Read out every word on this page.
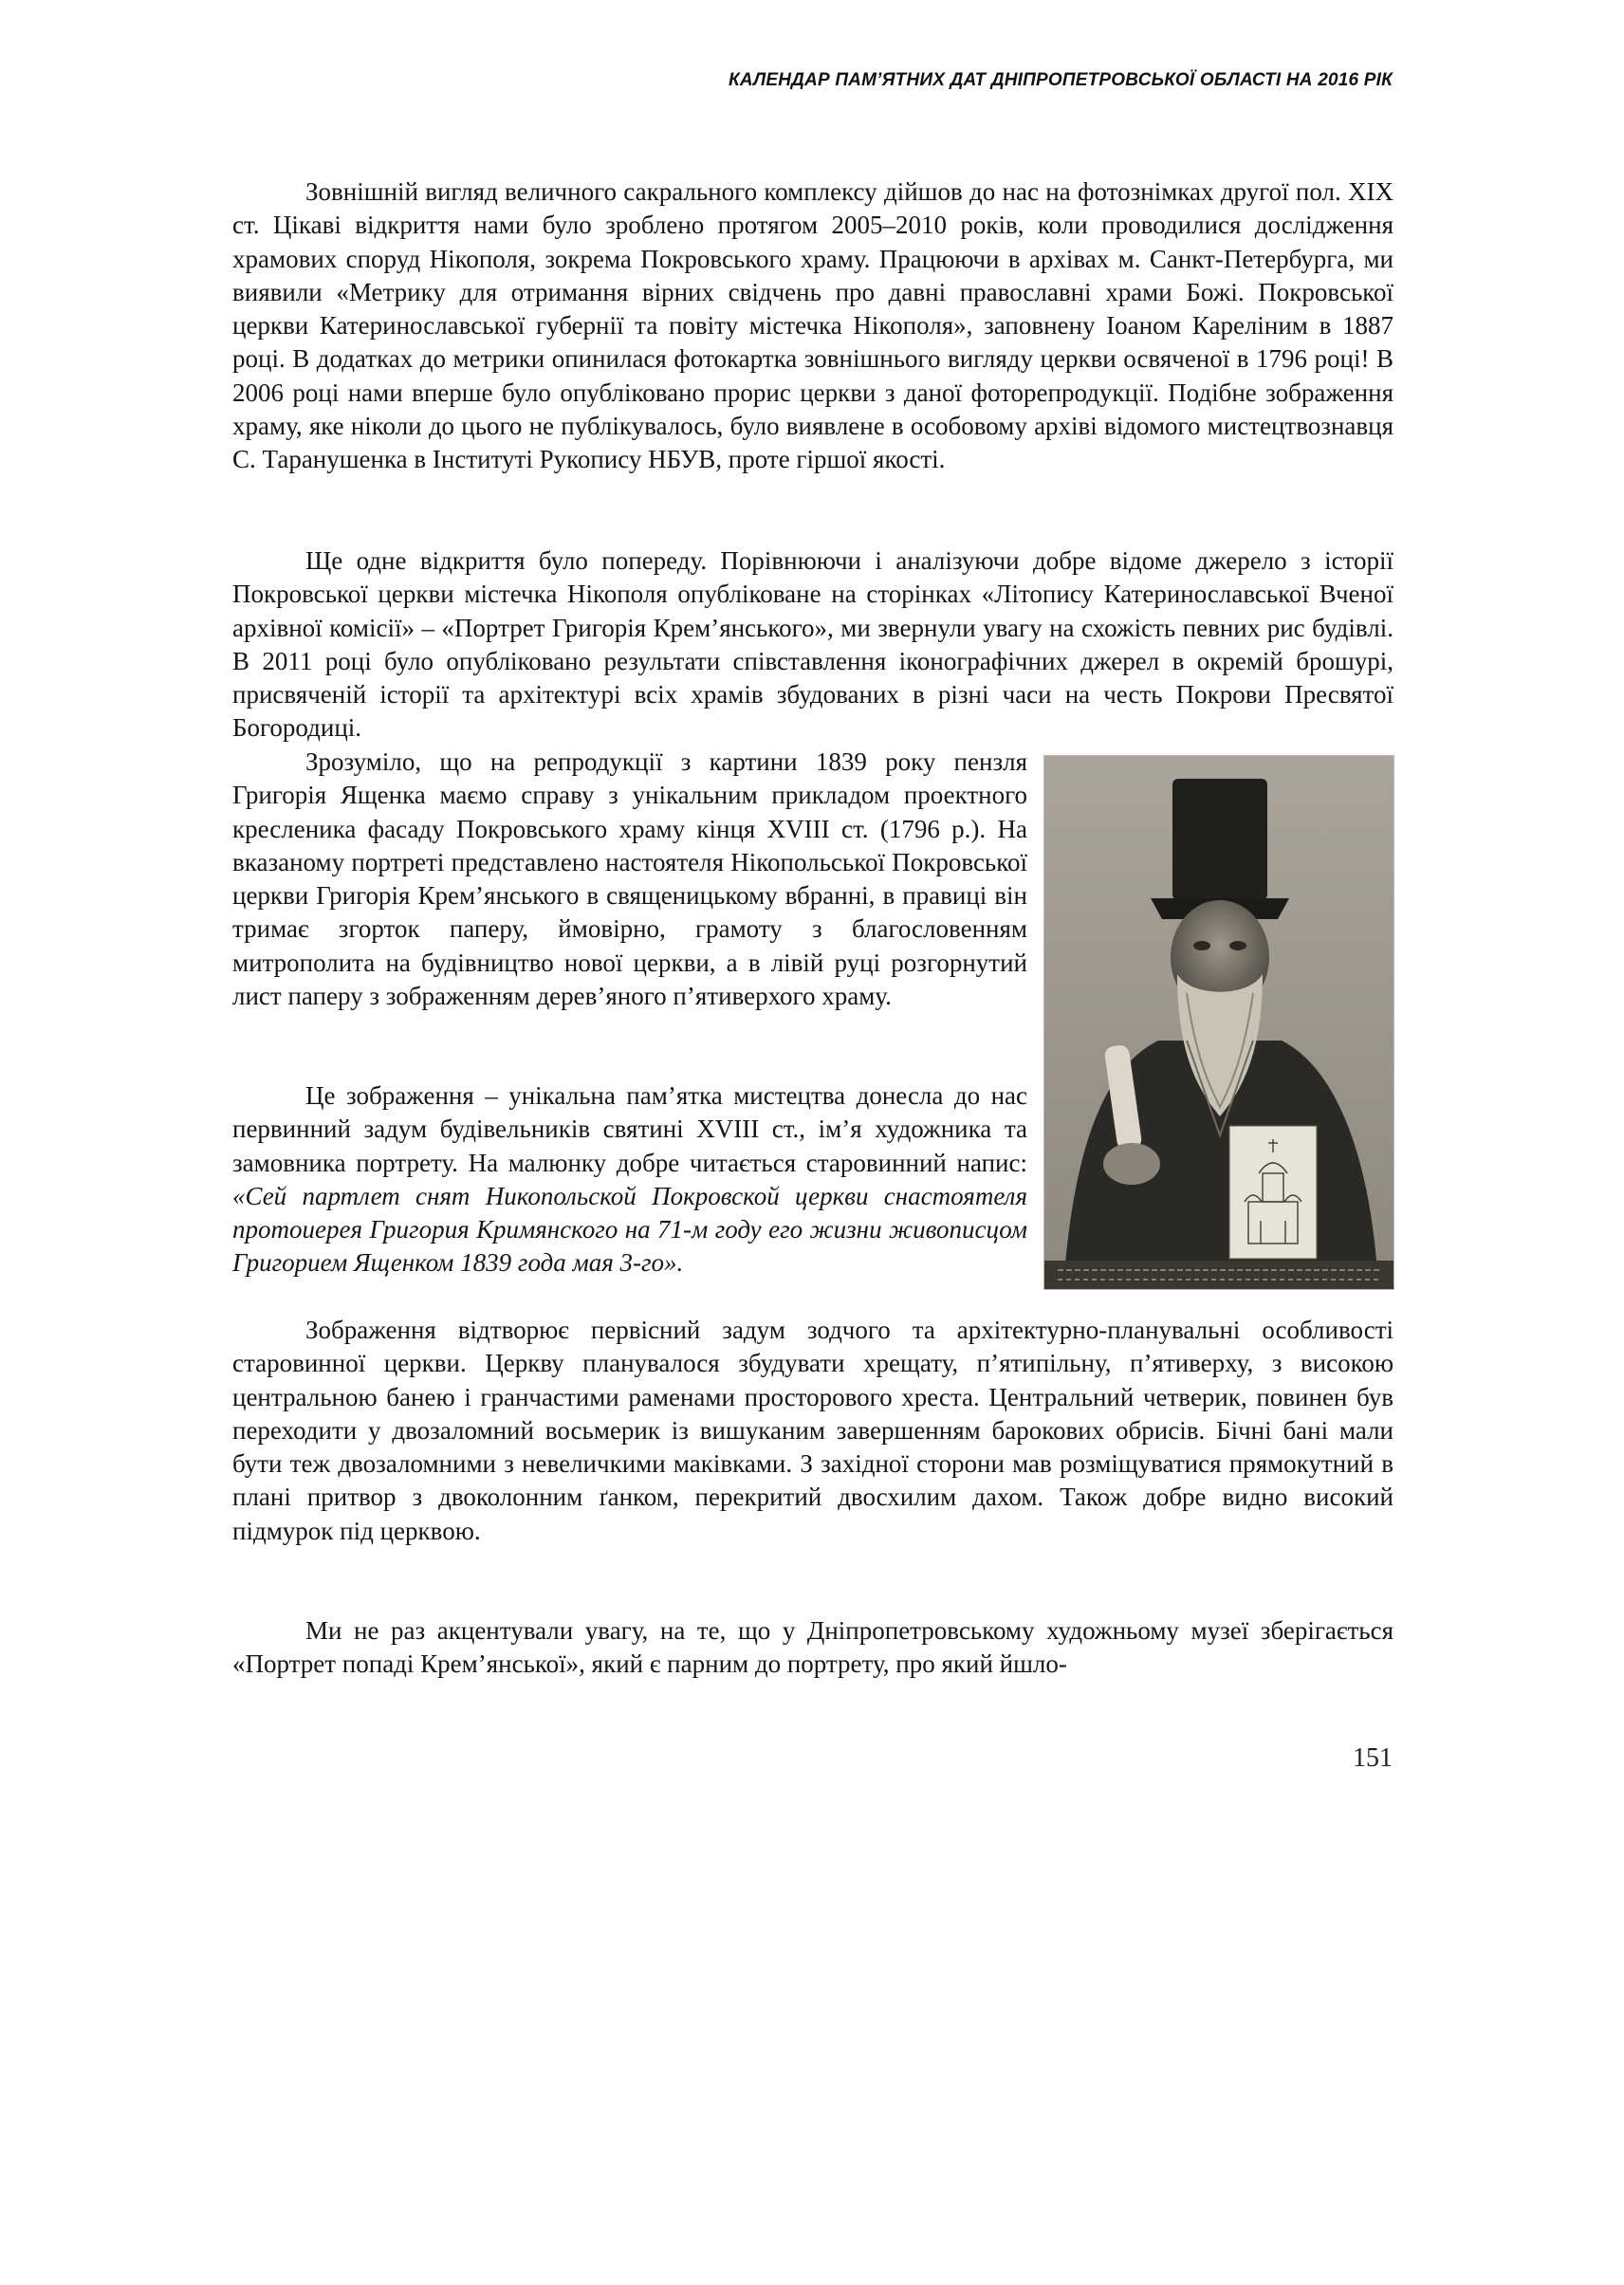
КАЛЕНДАР ПАМ’ЯТНИХ ДАТ ДНІПРОПЕТРОВСЬКОЇ ОБЛАСТІ НА 2016 РІК

Зовнішній вигляд величного сакрального комплексу дійшов до нас на фотознімках другої пол. XIX ст. Цікаві відкриття нами було зроблено протягом 2005–2010 років, коли проводилися дослідження храмових споруд Нікополя, зокрема Покровського храму. Працюючи в архівах м. Санкт-Петербурга, ми виявили «Метрику для отримання вірних свідчень про давні православні храми Божі. Покровської церкви Катеринославської губернії та повіту містечка Нікополя», заповнену Іоаном Кареліним в 1887 році. В додатках до метрики опинилася фотокартка зовнішнього вигляду церкви освяченої в 1796 році! В 2006 році нами вперше було опубліковано прорис церкви з даної фоторепродукції. Подібне зображення храму, яке ніколи до цього не публікувалось, було виявлене в особовому архіві відомого мистецтвознавця С. Таранушенка в Інституті Рукопису НБУВ, проте гіршої якості.

Ще одне відкриття було попереду. Порівнюючи і аналізуючи добре відоме джерело з історії Покровської церкви містечка Нікополя опубліковане на сторінках «Літопису Катеринославської Вченої архівної комісії» – «Портрет Григорія Крем’янського», ми звернули увагу на схожість певних рис будівлі. В 2011 році було опубліковано результати співставлення іконографічних джерел в окремій брошурі, присвяченій історії та архітектурі всіх храмів збудованих в різні часи на честь Покрови Пресвятої Богородиці.

Зрозуміло, що на репродукції з картини 1839 року пензля Григорія Ященка маємо справу з унікальним прикладом проектного кресленика фасаду Покровського храму кінця XVIII ст. (1796 р.). На вказаному портреті представлено настоятеля Нікопольської Покровської церкви Григорія Крем’янського в священицькому вбранні, в правиці він тримає згорток паперу, ймовірно, грамоту з благословенням митрополита на будівництво нової церкви, а в лівій руці розгорнутий лист паперу з зображенням дерев’яного п’ятиверхого храму.

Це зображення – унікальна пам’ятка мистецтва донесла до нас первинний задум будівельників святині XVIII ст., ім’я художника та замовника портрету. На малюнку добре читається старовинний напис: «Сей партлет снят Никопольской Покровской церкви снастоятеля протоиерея Григория Кримянского на 71-м году его жизни живописцом Григорием Ященком 1839 года мая 3-го».

Зображення відтворює первісний задум зодчого та архітектурно-планувальні особливості старовинної церкви. Церкву планувалося збудувати хрещату, п’ятипільну, п’ятиверху, з високою центральною банею і гранчастими раменами просторового хреста. Центральний четверик, повинен був переходити у двозаломний восьмерик із вишуканим завершенням барокових обрисів. Бічні бані мали бути теж двозаломними з невеличкими маківками. З західної сторони мав розміщуватися прямокутний в плані притвор з двоколонним ґанком, перекритий двосхилим дахом. Також добре видно високий підмурок під церквою.

Ми не раз акцентували увагу, на те, що у Дніпропетровському художньому музеї зберігається «Портрет попаді Крем’янської», який є парним до портрету, про який йшло-

151
